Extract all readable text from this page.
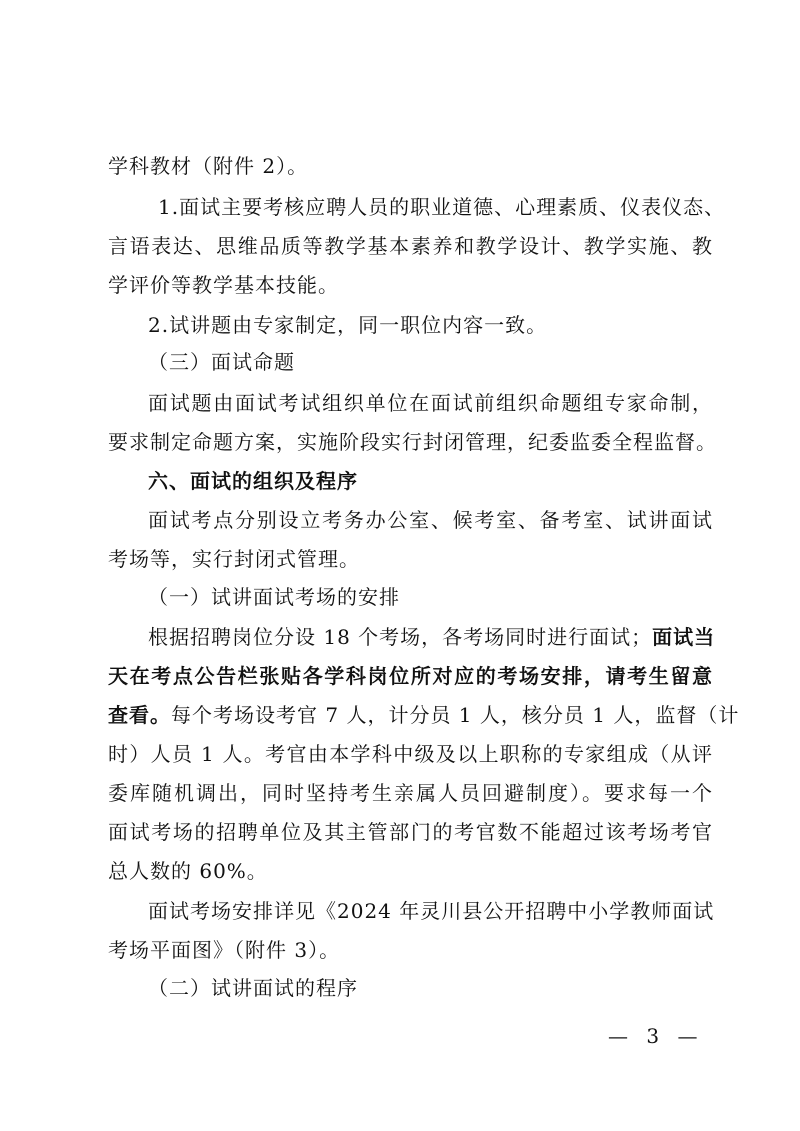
学科教材（附件 2）。
1.面试主要考核应聘人员的职业道德、心理素质、仪表仪态、
言语表达、思维品质等教学基本素养和教学设计、教学实施、教
学评价等教学基本技能。
2.试讲题由专家制定，同一职位内容一致。
（三）面试命题
面试题由面试考试组织单位在面试前组织命题组专家命制，
要求制定命题方案，实施阶段实行封闭管理，纪委监委全程监督。
六、面试的组织及程序
面试考点分别设立考务办公室、候考室、备考室、试讲面试
考场等，实行封闭式管理。
（一）试讲面试考场的安排
根据招聘岗位分设 18 个考场，各考场同时进行面试；面试当
天在考点公告栏张贴各学科岗位所对应的考场安排，请考生留意
查看。每个考场设考官 7 人，计分员 1 人，核分员 1 人，监督（计
时）人员 1 人。考官由本学科中级及以上职称的专家组成（从评
委库随机调出，同时坚持考生亲属人员回避制度）。要求每一个
面试考场的招聘单位及其主管部门的考官数不能超过该考场考官
总人数的 60%。
面试考场安排详见《2024 年灵川县公开招聘中小学教师面试
考场平面图》（附件 3）。
（二）试讲面试的程序
— 3 —
